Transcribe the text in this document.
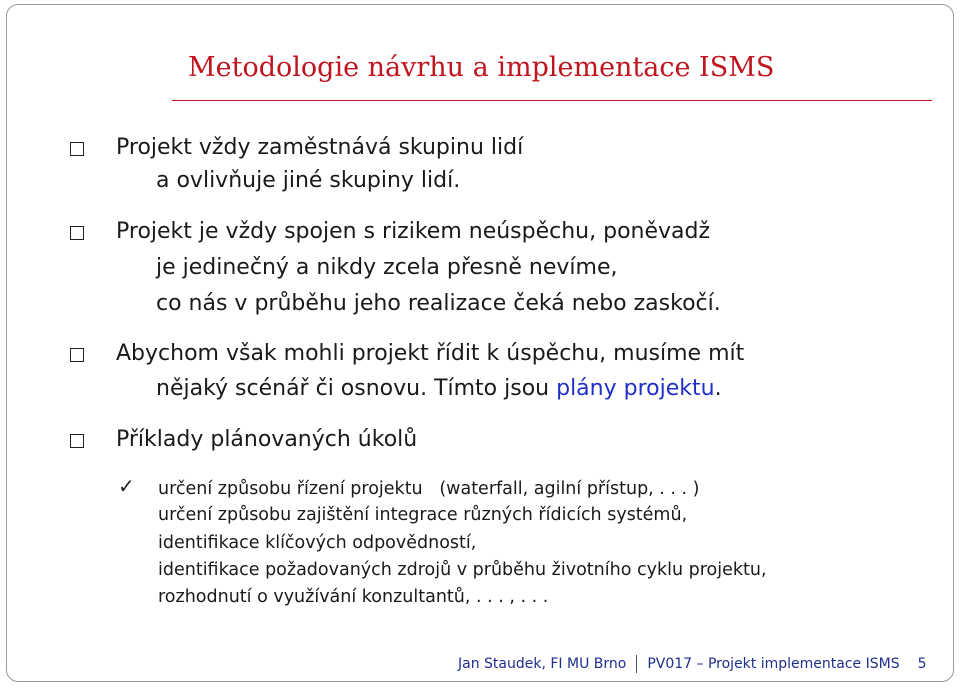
Metodologie návrhu a implementace ISMS
Projekt vždy zaměstnává skupinu lidí
a ovlivňuje jiné skupiny lidí.
Projekt je vždy spojen s rizikem neúspěchu, poněvadž
je jedinečný a nikdy zcela přesně nevíme,
co nás v průběhu jeho realizace čeká nebo zaskočí.
Abychom však mohli projekt řídit k úspěchu, musíme mít
nějaký scénář či osnovu. Tímto jsou plány projektu.
Příklady plánovaných úkolů
✓ určení způsobu řízení projektu   (waterfall, agilní přístup, . . . )
určení způsobu zajištění integrace různých řídicích systémů,
identifikace klíčových odpovědností,
identifikace požadovaných zdrojů v průběhu životního cyklu projektu,
rozhodnutí o využívání konzultantů, . . . , . . .
Jan Staudek, FI MU Brno PV017 – Projekt implementace ISMS 5
